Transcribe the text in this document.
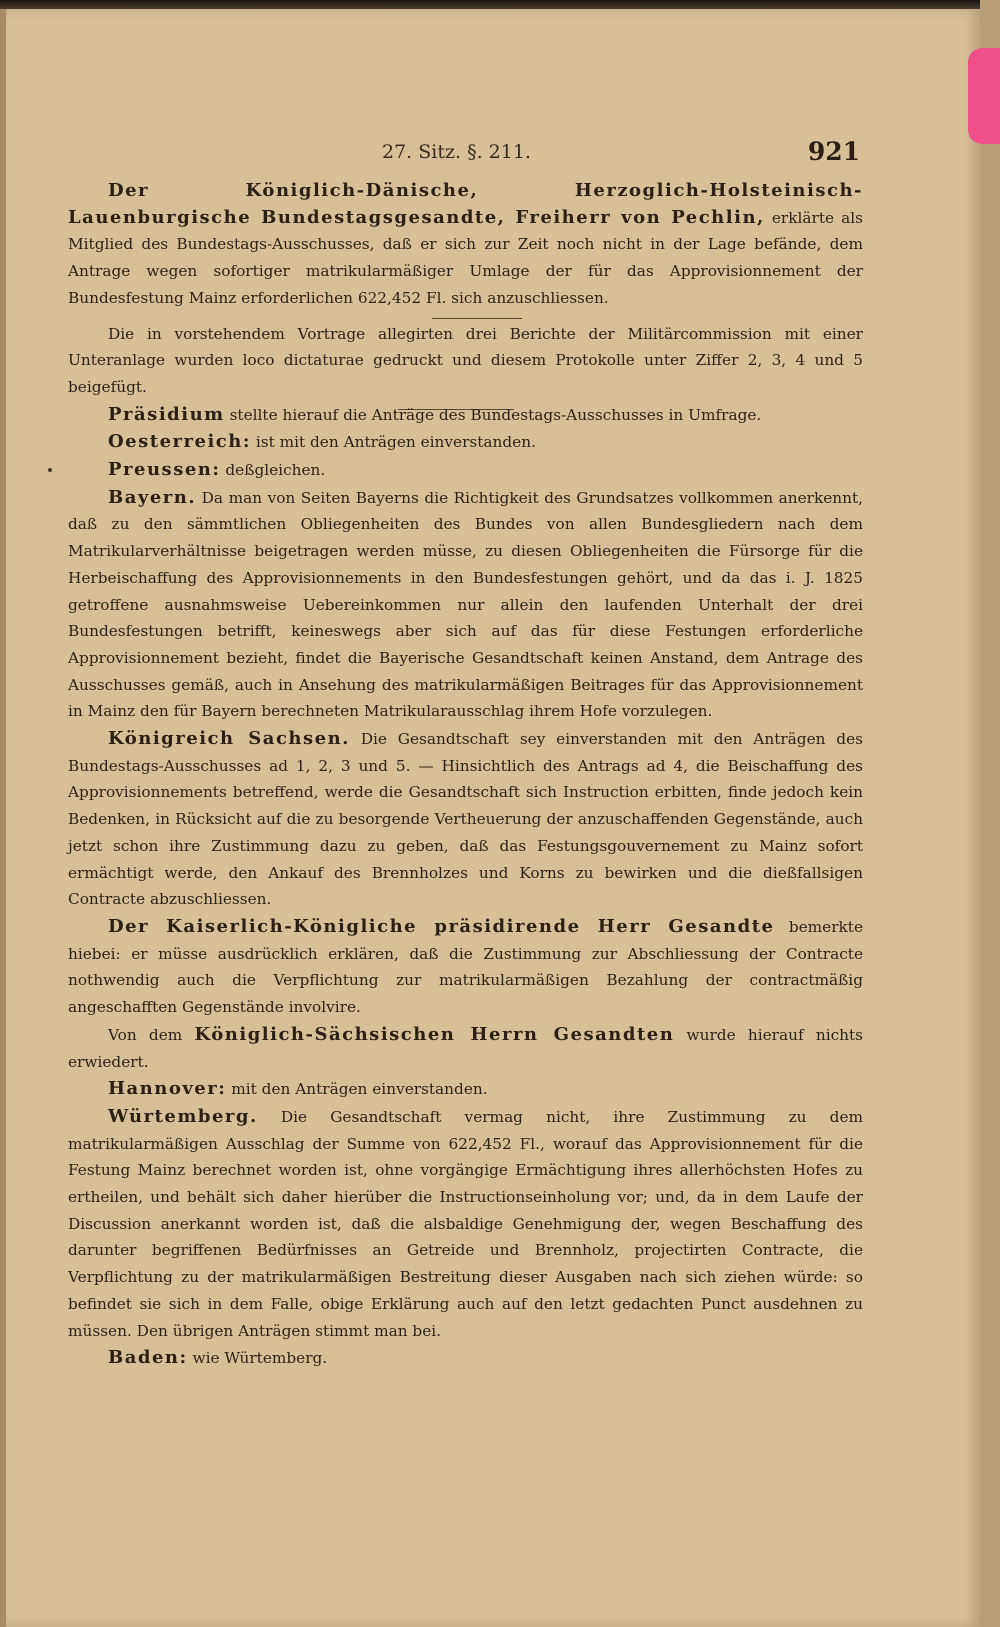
27. Sitz. §. 211.	921

Der Königlich-Dänische, Herzoglich-Holsteinisch-Lauenburgische Bundestagsgesandte, Freiherr von Pechlin, erklärte als Mitglied des Bundestags-Ausschusses, daß er sich zur Zeit noch nicht in der Lage befände, dem Antrage wegen sofortiger matrikularmäßiger Umlage der für das Approvisionnement der Bundesfestung Mainz erforderlichen 622,452 Fl. sich anzuschliessen.

Die in vorstehendem Vortrage allegirten drei Berichte der Militärcommission mit einer Unteranlage wurden loco dictaturae gedruckt und diesem Protokolle unter Ziffer 2, 3, 4 und 5 beigefügt.

Präsidium stellte hierauf die Anträge des Bundestags-Ausschusses in Umfrage.

Oesterreich: ist mit den Anträgen einverstanden.

Preussen: deßgleichen.

Bayern. Da man von Seiten Bayerns die Richtigkeit des Grundsatzes vollkommen anerkennt, daß zu den sämmtlichen Obliegenheiten des Bundes von allen Bundesgliedern nach dem Matrikularverhältnisse beigetragen werden müsse, zu diesen Obliegenheiten die Fürsorge für die Herbeischaffung des Approvisionnements in den Bundesfestungen gehört, und da das i. J. 1825 getroffene ausnahmsweise Uebereinkommen nur allein den laufenden Unterhalt der drei Bundesfestungen betrifft, keineswegs aber sich auf das für diese Festungen erforderliche Approvisionnement bezieht, findet die Bayerische Gesandtschaft keinen Anstand, dem Antrage des Ausschusses gemäß, auch in Ansehung des matrikularmäßigen Beitrages für das Approvisionnement in Mainz den für Bayern berechneten Matrikularausschlag ihrem Hofe vorzulegen.

Königreich Sachsen. Die Gesandtschaft sey einverstanden mit den Anträgen des Bundestags-Ausschusses ad 1, 2, 3 und 5. — Hinsichtlich des Antrags ad 4, die Beischaffung des Approvisionnements betreffend, werde die Gesandtschaft sich Instruction erbitten, finde jedoch kein Bedenken, in Rücksicht auf die zu besorgende Vertheuerung der anzuschaffenden Gegenstände, auch jetzt schon ihre Zustimmung dazu zu geben, daß das Festungsgouvernement zu Mainz sofort ermächtigt werde, den Ankauf des Brennholzes und Korns zu bewirken und die dießfallsigen Contracte abzuschliessen.

Der Kaiserlich-Königliche präsidirende Herr Gesandte bemerkte hiebei: er müsse ausdrücklich erklären, daß die Zustimmung zur Abschliessung der Contracte nothwendig auch die Verpflichtung zur matrikularmäßigen Bezahlung der contractmäßig angeschafften Gegenstände involvire.

Von dem Königlich-Sächsischen Herrn Gesandten wurde hierauf nichts erwiedert.

Hannover: mit den Anträgen einverstanden.

Würtemberg. Die Gesandtschaft vermag nicht, ihre Zustimmung zu dem matrikularmäßigen Ausschlag der Summe von 622,452 Fl., worauf das Approvisionnement für die Festung Mainz berechnet worden ist, ohne vorgängige Ermächtigung ihres allerhöchsten Hofes zu ertheilen, und behält sich daher hierüber die Instructionseinholung vor; und, da in dem Laufe der Discussion anerkannt worden ist, daß die alsbaldige Genehmigung der, wegen Beschaffung des darunter begriffenen Bedürfnisses an Getreide und Brennholz, projectirten Contracte, die Verpflichtung zu der matrikularmäßigen Bestreitung dieser Ausgaben nach sich ziehen würde: so befindet sie sich in dem Falle, obige Erklärung auch auf den letzt gedachten Punct ausdehnen zu müssen. Den übrigen Anträgen stimmt man bei.

Baden: wie Würtemberg.
